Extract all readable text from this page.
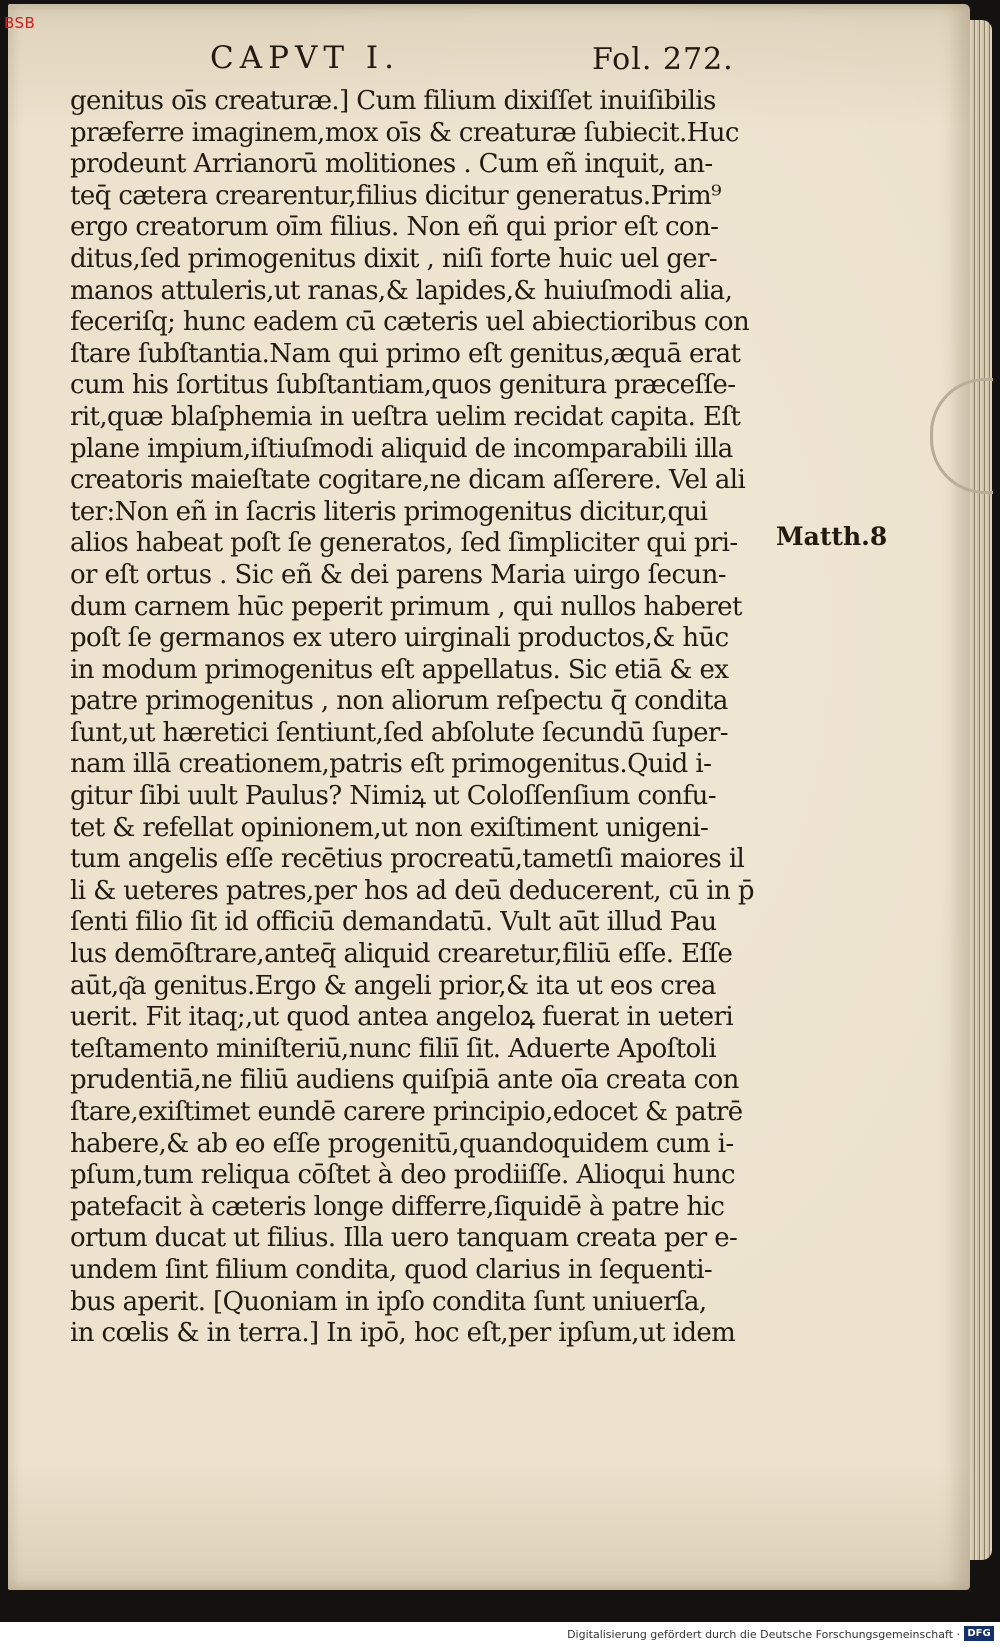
BSB
CAPVT I.	Fol. 272.
genitus oīs creaturæ.] Cum filium dixiſſet inuiſibilis
præferre imaginem,mox oīs & creaturæ ſubiecit.Huc
prodeunt Arrianorū molitiones . Cum eñ inquit, an-
teq̄ cætera crearentur,filius dicitur generatus.Prim⁹
ergo creatorum oīm filius. Non eñ qui prior eſt con-
ditus,ſed primogenitus dixit , niſi forte huic uel ger-
manos attuleris,ut ranas,& lapides,& huiuſmodi alia,
feceriſq; hunc eadem cū cæteris uel abiectioribus con
ſtare ſubſtantia.Nam qui primo eſt genitus,æquā erat
cum his ſortitus ſubſtantiam,quos genitura præceſſe-
rit,quæ blaſphemia in ueſtra uelim recidat capita. Eſt
plane impium,iſtiuſmodi aliquid de incomparabili illa
creatoris maieſtate cogitare,ne dicam aſſerere. Vel ali
ter:Non eñ in ſacris literis primogenitus dicitur,qui
alios habeat poſt ſe generatos, ſed ſimpliciter qui pri-
or eſt ortus . Sic eñ & dei parens Maria uirgo ſecun-
dum carnem hūc peperit primum , qui nullos haberet
poſt ſe germanos ex utero uirginali productos,& hūc
in modum primogenitus eſt appellatus. Sic etiā & ex
patre primogenitus , non aliorum reſpectu q̄ condita
ſunt,ut hæretici ſentiunt,ſed abſolute ſecundū ſuper-
nam illā creationem,patris eſt primogenitus.Quid i-
gitur ſibi uult Paulus? Nimiꝝ ut Coloſſenſium confu-
tet & refellat opinionem,ut non exiſtiment unigeni-
tum angelis eſſe recētius procreatū,tametſi maiores il
li & ueteres patres,per hos ad deū deducerent, cū in p̄
ſenti filio ſit id officiū demandatū. Vult aūt illud Pau
lus demōſtrare,anteq̄ aliquid crearetur,filiū eſſe. Eſſe
aūt,q͂a genitus.Ergo & angeli prior,& ita ut eos crea
uerit. Fit itaq;,ut quod antea angeloꝝ fuerat in ueteri
teſtamento miniſteriū,nunc filiī ſit. Aduerte Apoſtoli
prudentiā,ne filiū audiens quiſpiā ante oīa creata con
ſtare,exiſtimet eundē carere principio,edocet & patrē
habere,& ab eo eſſe progenitū,quandoquidem cum i-
pſum,tum reliqua cōſtet à deo prodiiſſe. Alioqui hunc
patefacit à cæteris longe differre,ſiquidē à patre hic
ortum ducat ut filius. Illa uero tanquam creata per e-
undem ſint filium condita, quod clarius in ſequenti-
bus aperit. [Quoniam in ipſo condita ſunt uniuerſa,
in cœlis & in terra.] In ipō, hoc eſt,per ipſum,ut idem
Matth.8
Digitalisierung gefördert durch die Deutsche Forschungsgemeinschaft · DFG
